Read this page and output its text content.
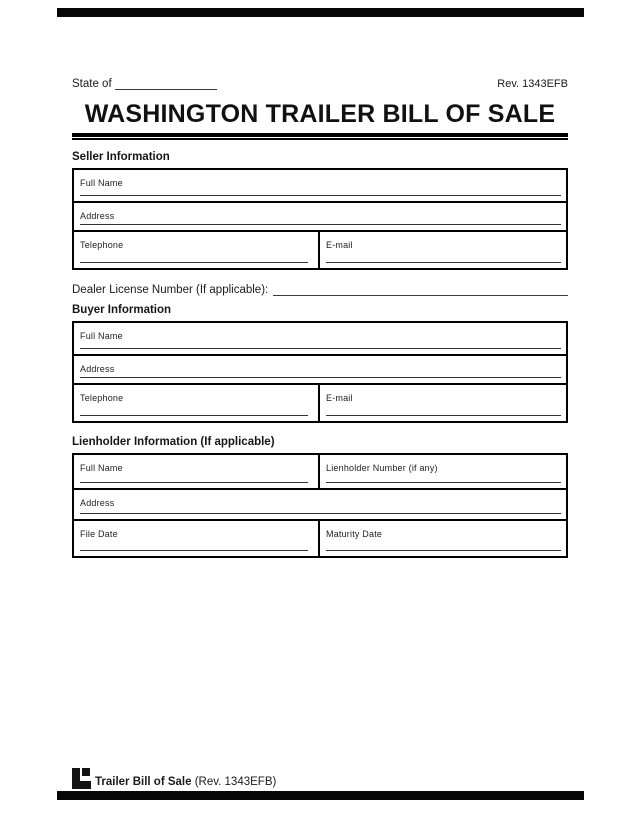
State of	Rev. 1343EFB
WASHINGTON TRAILER BILL OF SALE
Seller Information
Full Name
Address
Telephone	E-mail
Dealer License Number (If applicable):
Buyer Information
Full Name
Address
Telephone	E-mail
Lienholder Information (If applicable)
Full Name	Lienholder Number (if any)
Address
File Date	Maturity Date
Trailer Bill of Sale (Rev. 1343EFB)
